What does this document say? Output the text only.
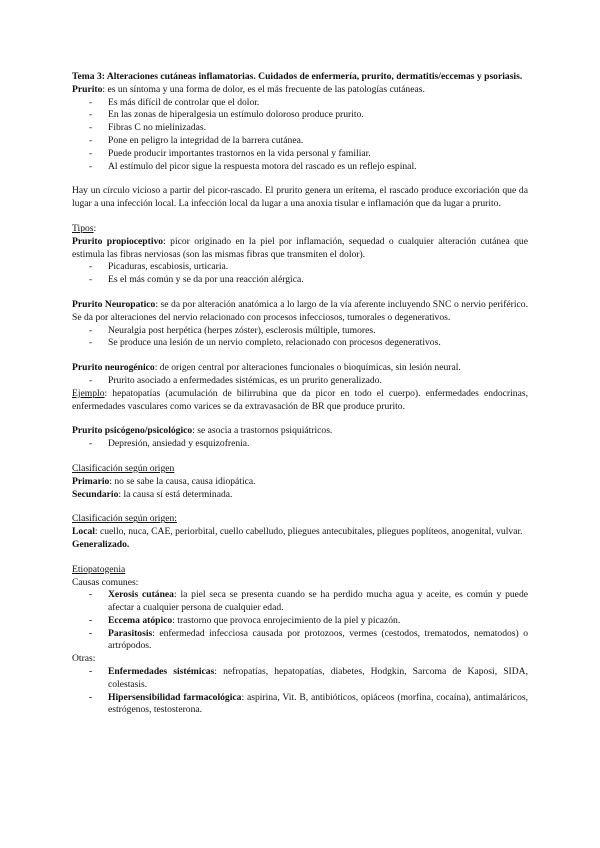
Tema 3: Alteraciones cutáneas inflamatorias. Cuidados de enfermería, prurito, dermatitis/eccemas y psoriasis.

Prurito: es un síntoma y una forma de dolor, es el más frecuente de las patologías cutáneas.

- Es más difícil de controlar que el dolor.
- En las zonas de hiperalgesia un estímulo doloroso produce prurito.
- Fibras C no mielinizadas.
- Pone en peligro la integridad de la barrera cutánea.
- Puede producir importantes trastornos en la vida personal y familiar.
- Al estímulo del picor sigue la respuesta motora del rascado es un reflejo espinal.

Hay un círculo vicioso a partir del picor-rascado. El prurito genera un eritema, el rascado produce excoriación que da lugar a una infección local. La infección local da lugar a una anoxia tisular e inflamación que da lugar a prurito.

Tipos:

Prurito propioceptivo: picor originado en la piel por inflamación, sequedad o cualquier alteración cutánea que estimula las fibras nerviosas (son las mismas fibras que transmiten el dolor).

- Picaduras, escabiosis, urticaria.
- Es el más común y se da por una reacción alérgica.

Prurito Neuropatico: se da por alteración anatómica a lo largo de la vía aferente incluyendo SNC o nervio periférico. Se da por alteraciones del nervio relacionado con procesos infecciosos, tumorales o degenerativos.

- Neuralgia post herpética (herpes zóster), esclerosis múltiple, tumores.
- Se produce una lesión de un nervio completo, relacionado con procesos degenerativos.

Prurito neurogénico: de origen central por alteraciones funcionales o bioquímicas, sin lesión neural.

- Prurito asociado a enfermedades sistémicas, es un prurito generalizado.

Ejemplo: hepatopatías (acumulación de bilirrubina que da picor en todo el cuerpo). enfermedades endocrinas, enfermedades vasculares como varices se da extravasación de BR que produce prurito.

Prurito psicógeno/psicológico: se asocia a trastornos psiquiátricos.

- Depresión, ansiedad y esquizofrenia.

Clasificación según origen

Primario: no se sabe la causa, causa idiopática.

Secundario: la causa sí está determinada.

Clasificación según origen:

Local: cuello, nuca, CAE, periorbital, cuello cabelludo, pliegues antecubitales, pliegues poplíteos, anogenital, vulvar.

Generalizado.

Etiopatogenia

Causas comunes:

- Xerosis cutánea: la piel seca se presenta cuando se ha perdido mucha agua y aceite, es común y puede afectar a cualquier persona de cualquier edad.
- Eccema atópico: trastorno que provoca enrojecimiento de la piel y picazón.
- Parasitosis: enfermedad infecciosa causada por protozoos, vermes (cestodos, trematodos, nematodos) o artrópodos.

Otras:

- Enfermedades sistémicas: nefropatías, hepatopatías, diabetes, Hodgkin, Sarcoma de Kaposi, SIDA, colestasis.
- Hipersensibilidad farmacológica: aspirina, Vit. B, antibióticos, opiáceos (morfina, cocaína), antimaláricos, estrógenos, testosterona.
